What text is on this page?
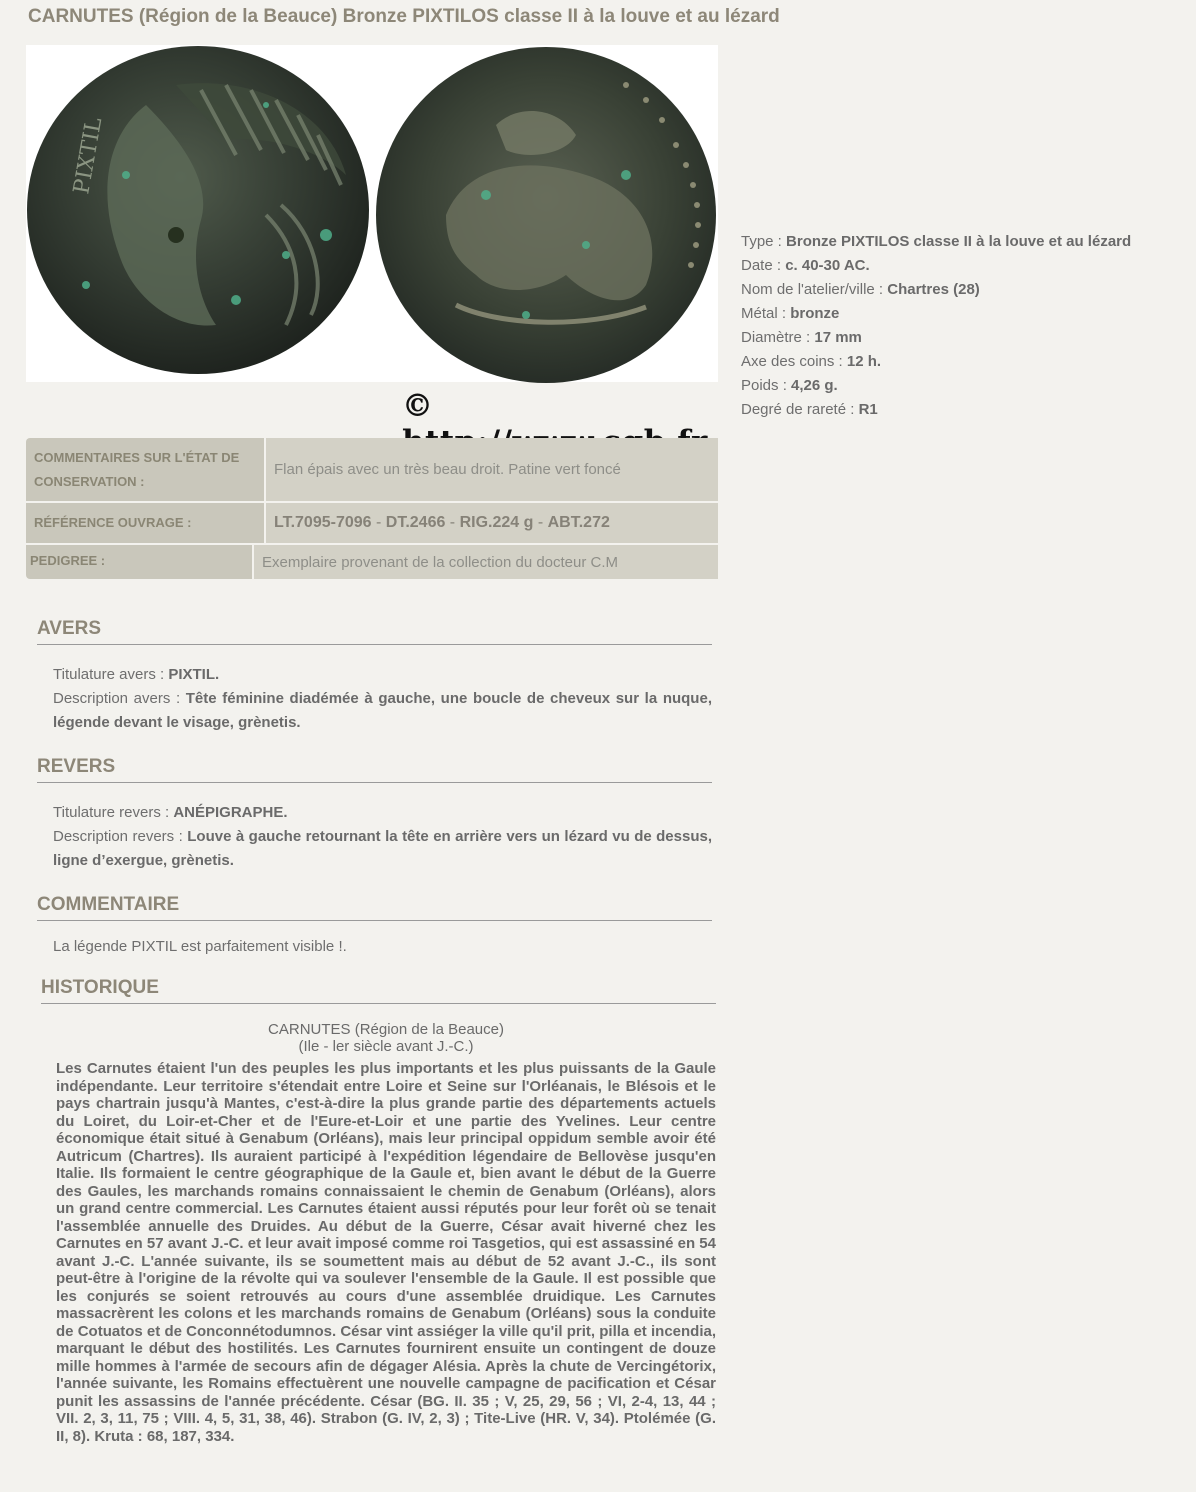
CARNUTES (Région de la Beauce) Bronze PIXTILOS classe II à la louve et au lézard
PIXTIL
©
Type : Bronze PIXTILOS classe II à la louve et au lézard
Date : c. 40-30 AC.
Nom de l'atelier/ville : Chartres (28)
Métal : bronze
Diamètre : 17 mm
Axe des coins : 12 h.
Poids : 4,26 g.
Degré de rareté : R1
COMMENTAIRES SUR L'ÉTAT DE CONSERVATION :
Flan épais avec un très beau droit. Patine vert foncé
RÉFÉRENCE OUVRAGE :	LT.7095-7096 - DT.2466 - RIG.224 g - ABT.272
PEDIGREE :	Exemplaire provenant de la collection du docteur C.M
AVERS
Titulature avers : PIXTIL.
Description avers : Tête féminine diadémée à gauche, une boucle de cheveux sur la nuque, légende devant le visage, grènetis.
REVERS
Titulature revers : ANÉPIGRAPHE.
Description revers : Louve à gauche retournant la tête en arrière vers un lézard vu de dessus, ligne d’exergue, grènetis.
COMMENTAIRE
La légende PIXTIL est parfaitement visible !.
HISTORIQUE
CARNUTES (Région de la Beauce)
(Ile - ler siècle avant J.-C.)
Les Carnutes étaient l'un des peuples les plus importants et les plus puissants de la Gaule indépendante. Leur territoire s'étendait entre Loire et Seine sur l'Orléanais, le Blésois et le pays chartrain jusqu'à Mantes, c'est-à-dire la plus grande partie des départements actuels du Loiret, du Loir-et-Cher et de l'Eure-et-Loir et une partie des Yvelines. Leur centre économique était situé à Genabum (Orléans), mais leur principal oppidum semble avoir été Autricum (Chartres). Ils auraient participé à l'expédition légendaire de Bellovèse jusqu'en Italie. Ils formaient le centre géographique de la Gaule et, bien avant le début de la Guerre des Gaules, les marchands romains connaissaient le chemin de Genabum (Orléans), alors un grand centre commercial. Les Carnutes étaient aussi réputés pour leur forêt où se tenait l'assemblée annuelle des Druides. Au début de la Guerre, César avait hiverné chez les Carnutes en 57 avant J.-C. et leur avait imposé comme roi Tasgetios, qui est assassiné en 54 avant J.-C. L'année suivante, ils se soumettent mais au début de 52 avant J.-C., ils sont peut-être à l'origine de la révolte qui va soulever l'ensemble de la Gaule. Il est possible que les conjurés se soient retrouvés au cours d'une assemblée druidique. Les Carnutes massacrèrent les colons et les marchands romains de Genabum (Orléans) sous la conduite de Cotuatos et de Conconnétodumnos. César vint assiéger la ville qu'il prit, pilla et incendia, marquant le début des hostilités. Les Carnutes fournirent ensuite un contingent de douze mille hommes à l'armée de secours afin de dégager Alésia. Après la chute de Vercingétorix, l'année suivante, les Romains effectuèrent une nouvelle campagne de pacification et César punit les assassins de l'année précédente. César (BG. II. 35 ; V, 25, 29, 56 ; VI, 2-4, 13, 44 ; VII. 2, 3, 11, 75 ; VIII. 4, 5, 31, 38, 46). Strabon (G. IV, 2, 3) ; Tite-Live (HR. V, 34). Ptolémée (G. II, 8). Kruta : 68, 187, 334.
